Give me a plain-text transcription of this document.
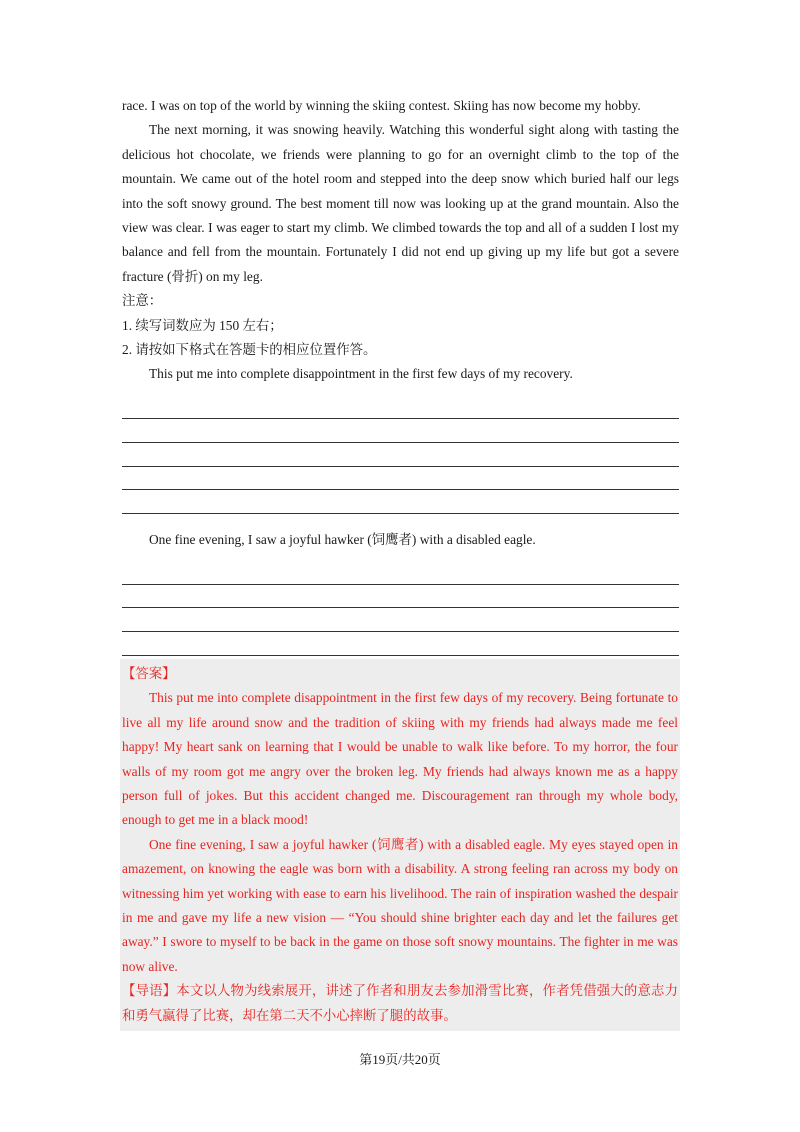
race. I was on top of the world by winning the skiing contest. Skiing has now become my hobby.

The next morning, it was snowing heavily. Watching this wonderful sight along with tasting the delicious hot chocolate, we friends were planning to go for an overnight climb to the top of the mountain. We came out of the hotel room and stepped into the deep snow which buried half our legs into the soft snowy ground. The best moment till now was looking up at the grand mountain. Also the view was clear. I was eager to start my climb. We climbed towards the top and all of a sudden I lost my balance and fell from the mountain. Fortunately I did not end up giving up my life but got a severe fracture (骨折) on my leg.

注意：

1. 续写词数应为 150 左右；

2. 请按如下格式在答题卡的相应位置作答。

This put me into complete disappointment in the first few days of my recovery.

One fine evening, I saw a joyful hawker (饲鹰者) with a disabled eagle.

【答案】

This put me into complete disappointment in the first few days of my recovery. Being fortunate to live all my life around snow and the tradition of skiing with my friends had always made me feel happy! My heart sank on learning that I would be unable to walk like before. To my horror, the four walls of my room got me angry over the broken leg. My friends had always known me as a happy person full of jokes. But this accident changed me. Discouragement ran through my whole body, enough to get me in a black mood!

One fine evening, I saw a joyful hawker (饲鹰者) with a disabled eagle. My eyes stayed open in amazement, on knowing the eagle was born with a disability. A strong feeling ran across my body on witnessing him yet working with ease to earn his livelihood. The rain of inspiration washed the despair in me and gave my life a new vision — “You should shine brighter each day and let the failures get away.” I swore to myself to be back in the game on those soft snowy mountains. The fighter in me was now alive.

【导语】本文以人物为线索展开，讲述了作者和朋友去参加滑雪比赛，作者凭借强大的意志力和勇气赢得了比赛，却在第二天不小心摔断了腿的故事。

第19页/共20页
